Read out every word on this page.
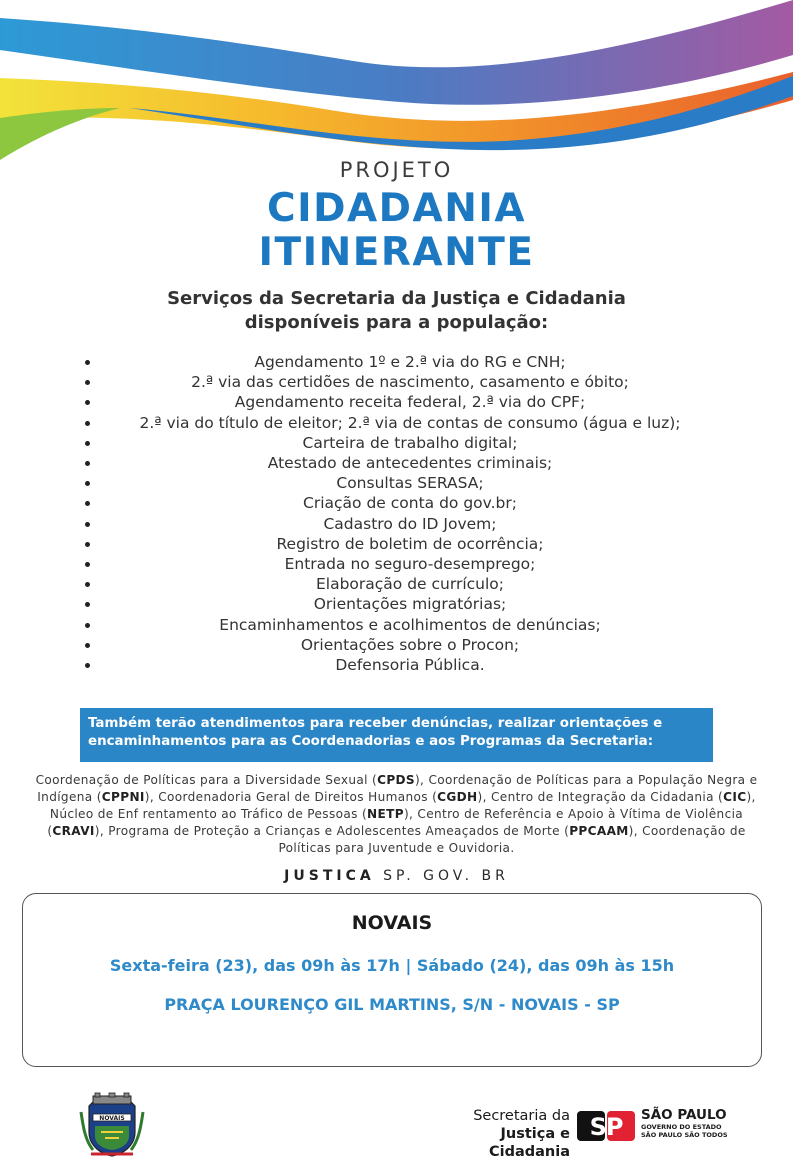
PROJETO
CIDADANIA
ITINERANTE
Serviços da Secretaria da Justiça e Cidadania
disponíveis para a população:
Agendamento 1º e 2.ª via do RG e CNH;
2.ª via das certidões de nascimento, casamento e óbito;
Agendamento receita federal, 2.ª via do CPF;
2.ª via do título de eleitor; 2.ª via de contas de consumo (água e luz);
Carteira de trabalho digital;
Atestado de antecedentes criminais;
Consultas SERASA;
Criação de conta do gov.br;
Cadastro do ID Jovem;
Registro de boletim de ocorrência;
Entrada no seguro-desemprego;
Elaboração de currículo;
Orientações migratórias;
Encaminhamentos e acolhimentos de denúncias;
Orientações sobre o Procon;
Defensoria Pública.
Também terão atendimentos para receber denúncias, realizar orientações e
encaminhamentos para as Coordenadorias e aos Programas da Secretaria:
Coordenação de Políticas para a Diversidade Sexual (CPDS), Coordenação de Políticas para a População Negra e Indígena (CPPNI), Coordenadoria Geral de Direitos Humanos (CGDH), Centro de Integração da Cidadania (CIC), Núcleo de Enf rentamento ao Tráfico de Pessoas (NETP), Centro de Referência e Apoio à Vítima de Violência (CRAVI), Programa de Proteção a Crianças e Adolescentes Ameaçados de Morte (PPCAAM), Coordenação de Políticas para Juventude e Ouvidoria.
JUSTICA SP. GOV. BR
NOVAIS
Sexta-feira (23), das 09h às 17h | Sábado (24), das 09h às 15h
PRAÇA LOURENÇO GIL MARTINS, S/N - NOVAIS - SP
NOVAIS	Secretaria da
Justiça e Cidadania
SP SÃO PAULO
GOVERNO DO ESTADO
SÃO PAULO SÃO TODOS
